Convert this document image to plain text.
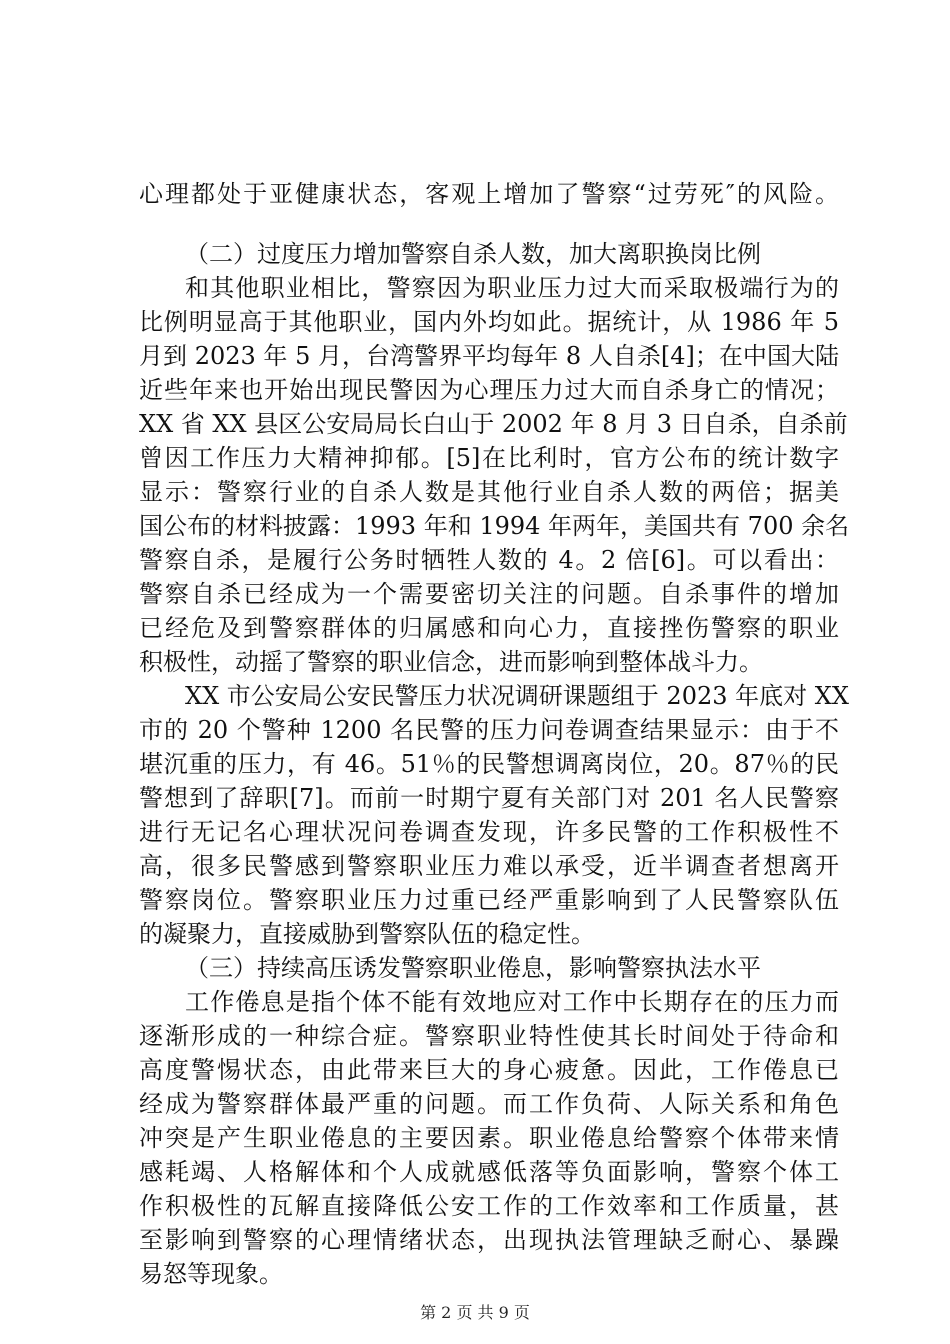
心理都处于亚健康状态，客观上增加了警察“过劳死″的风险。
（二）过度压力增加警察自杀人数，加大离职换岗比例
和其他职业相比，警察因为职业压力过大而采取极端行为的
比例明显高于其他职业，国内外均如此。据统计，从 1986 年 5
月到 2023 年 5 月，台湾警界平均每年 8 人自杀[4]；在中国大陆
近些年来也开始出现民警因为心理压力过大而自杀身亡的情况；
XX 省 XX 县区公安局局长白山于 2002 年 8 月 3 日自杀，自杀前
曾因工作压力大精神抑郁。[5]在比利时，官方公布的统计数字
显示：警察行业的自杀人数是其他行业自杀人数的两倍；据美
国公布的材料披露：1993 年和 1994 年两年，美国共有 700 余名
警察自杀，是履行公务时牺牲人数的 4。2 倍[6]。可以看出：
警察自杀已经成为一个需要密切关注的问题。自杀事件的增加
已经危及到警察群体的归属感和向心力，直接挫伤警察的职业
积极性，动摇了警察的职业信念，进而影响到整体战斗力。
XX 市公安局公安民警压力状况调研课题组于 2023 年底对 XX
市的 20 个警种 1200 名民警的压力问卷调查结果显示：由于不
堪沉重的压力，有 46。51％的民警想调离岗位，20。87％的民
警想到了辞职[7]。而前一时期宁夏有关部门对 201 名人民警察
进行无记名心理状况问卷调查发现，许多民警的工作积极性不
高，很多民警感到警察职业压力难以承受，近半调查者想离开
警察岗位。警察职业压力过重已经严重影响到了人民警察队伍
的凝聚力，直接威胁到警察队伍的稳定性。
（三）持续高压诱发警察职业倦息，影响警察执法水平
工作倦息是指个体不能有效地应对工作中长期存在的压力而
逐渐形成的一种综合症。警察职业特性使其长时间处于待命和
高度警惕状态，由此带来巨大的身心疲惫。因此，工作倦息已
经成为警察群体最严重的问题。而工作负荷、人际关系和角色
冲突是产生职业倦息的主要因素。职业倦息给警察个体带来情
感耗竭、人格解体和个人成就感低落等负面影响，警察个体工
作积极性的瓦解直接降低公安工作的工作效率和工作质量，甚
至影响到警察的心理情绪状态，出现执法管理缺乏耐心、暴躁
易怒等现象。
第 2 页 共 9 页
